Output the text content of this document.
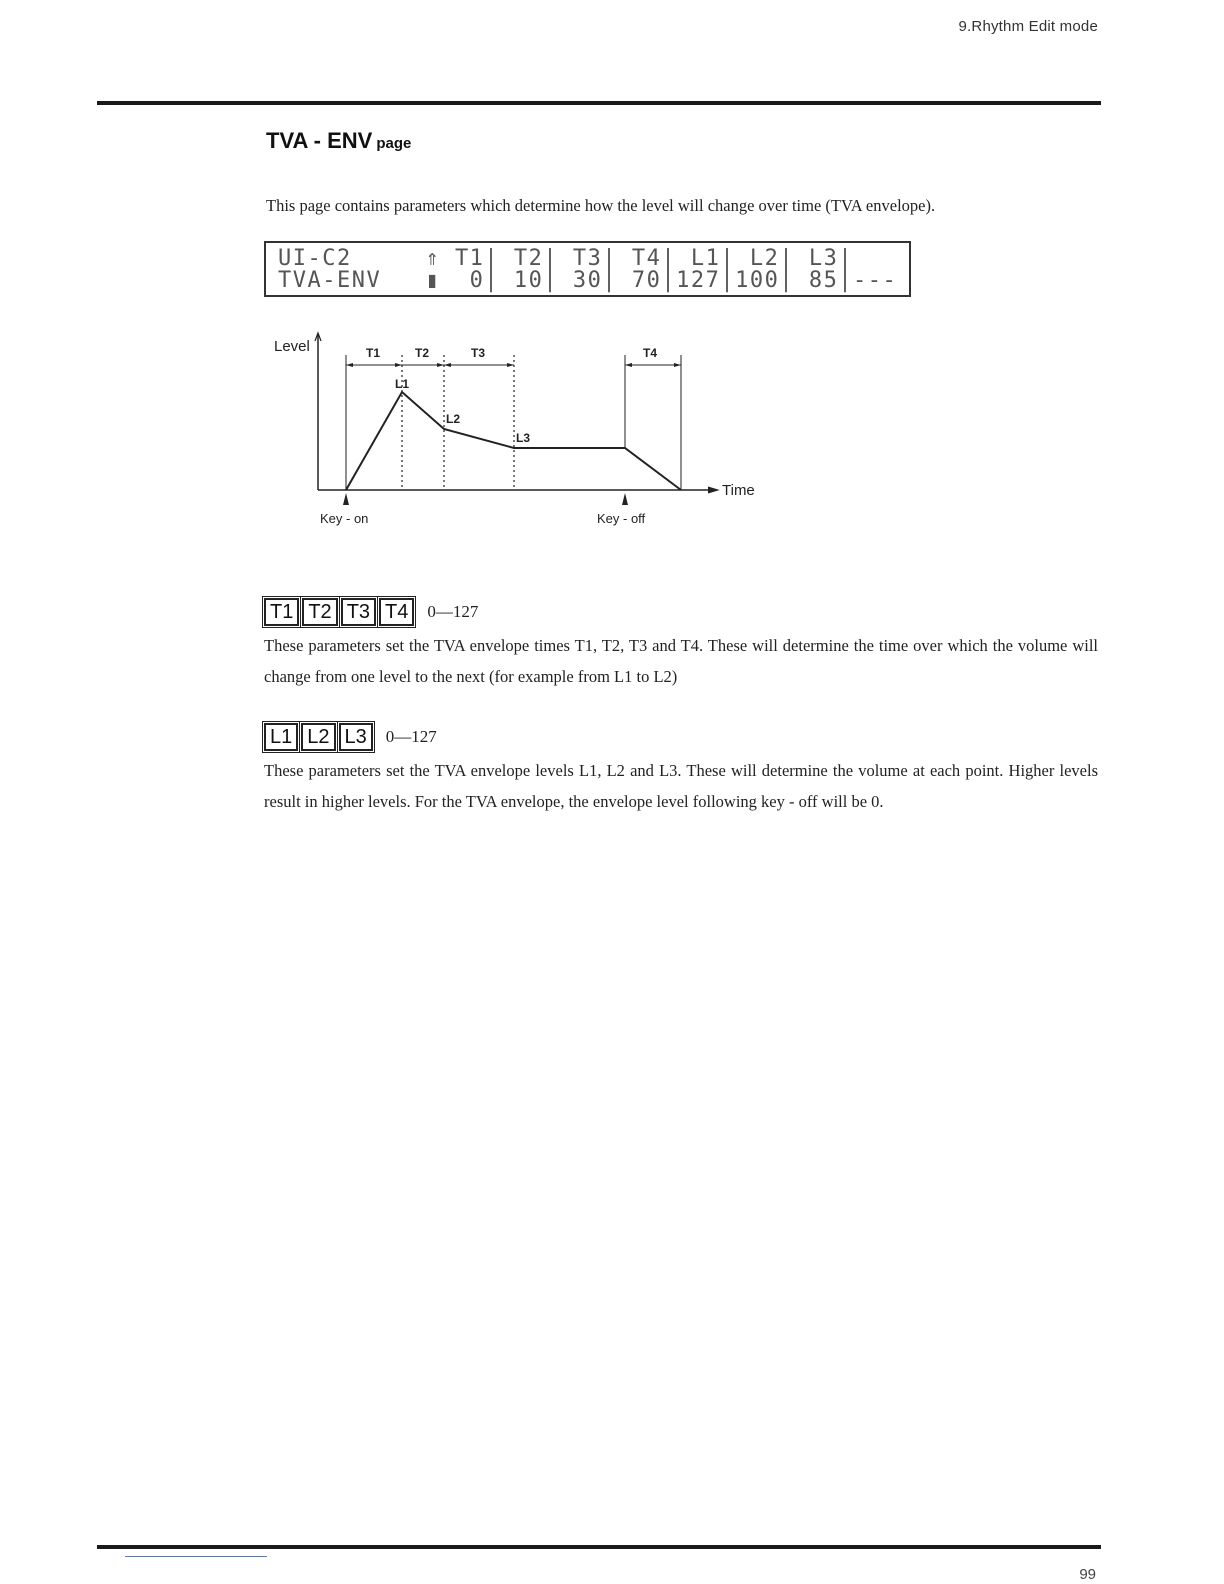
9.Rhythm Edit mode
TVA - ENV page
This page contains parameters which determine how the level will change over time (TVA envelope).
UI-C2     ⇑ T1| T2| T3| T4| L1| L2| L3|
TVA-ENV   ▮  0| 10| 30| 70|127|100| 85|---
Level
Time
T1	T2	T3	T4
L1
L2
L3
Key - on	Key - off
T1 T2 T3 T4	0—127
These parameters set the TVA envelope times T1, T2, T3 and T4. These will determine the time over which the volume will change from one level to the next (for example from L1 to L2)
L1 L2 L3	0—127
These parameters set the TVA envelope levels L1, L2 and L3. These will determine the volume at each point. Higher levels result in higher levels. For the TVA envelope, the envelope level following key - off will be 0.
99
